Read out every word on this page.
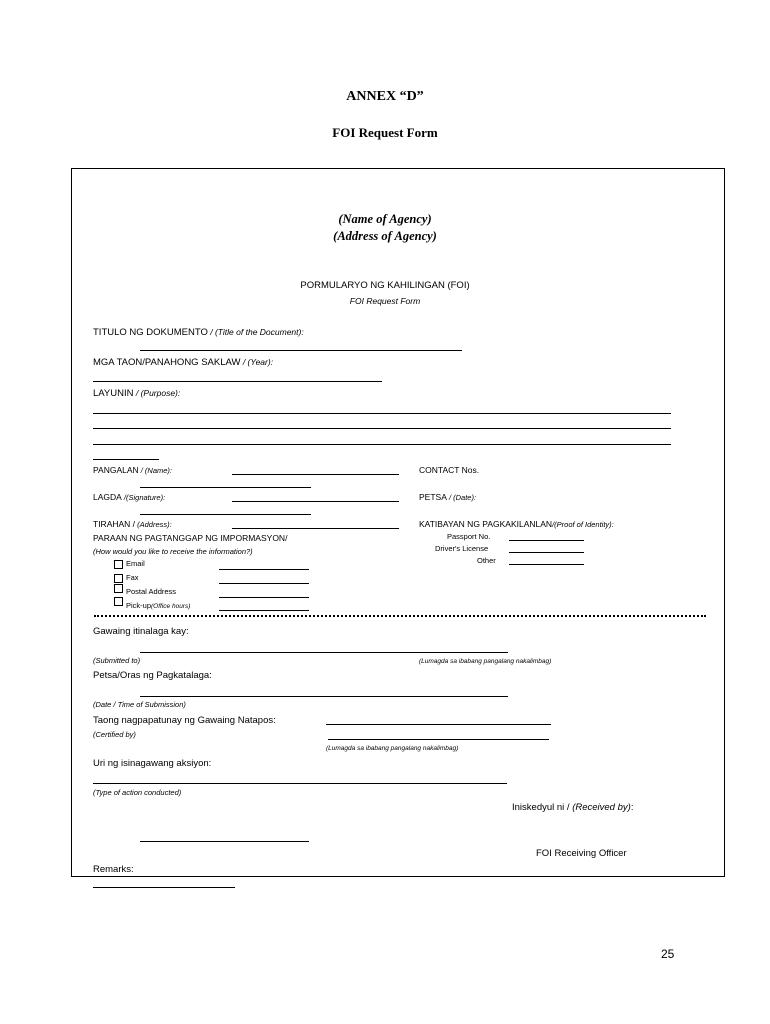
ANNEX “D”
FOI Request Form
(Name of Agency)
(Address of Agency)
PORMULARYO NG KAHILINGAN (FOI)
FOI Request Form
TITULO NG DOKUMENTO / (Title of the Document):
MGA TAON/PANAHONG SAKLAW / (Year):
LAYUNIN / (Purpose):
PANGALAN / (Name):	CONTACT Nos.
LAGDA /(Signature):	PETSA / (Date):
TIRAHAN / (Address):	KATIBAYAN NG PAGKAKILANLAN/(Proof of Identity):
Passport No.
Driver's License
Other
PARAAN NG PAGTANGGAP NG IMPORMASYON/
(How would you like to receive the information?)
Email
Fax
Postal Address
Pick-up(Office hours)
Gawaing itinalaga kay:
(Submitted to)	(Lumagda sa ibabang pangalang nakalimbag)
Petsa/Oras ng Pagkatalaga:
(Date / Time of Submission)
Taong nagpapatunay ng Gawaing Natapos:
(Certified by)
(Lumagda sa ibabang pangalang nakalimbag)
Uri ng isinagawang aksiyon:
(Type of action conducted)
Iniskedyul ni / (Received by):
FOI Receiving Officer
Remarks:
25
